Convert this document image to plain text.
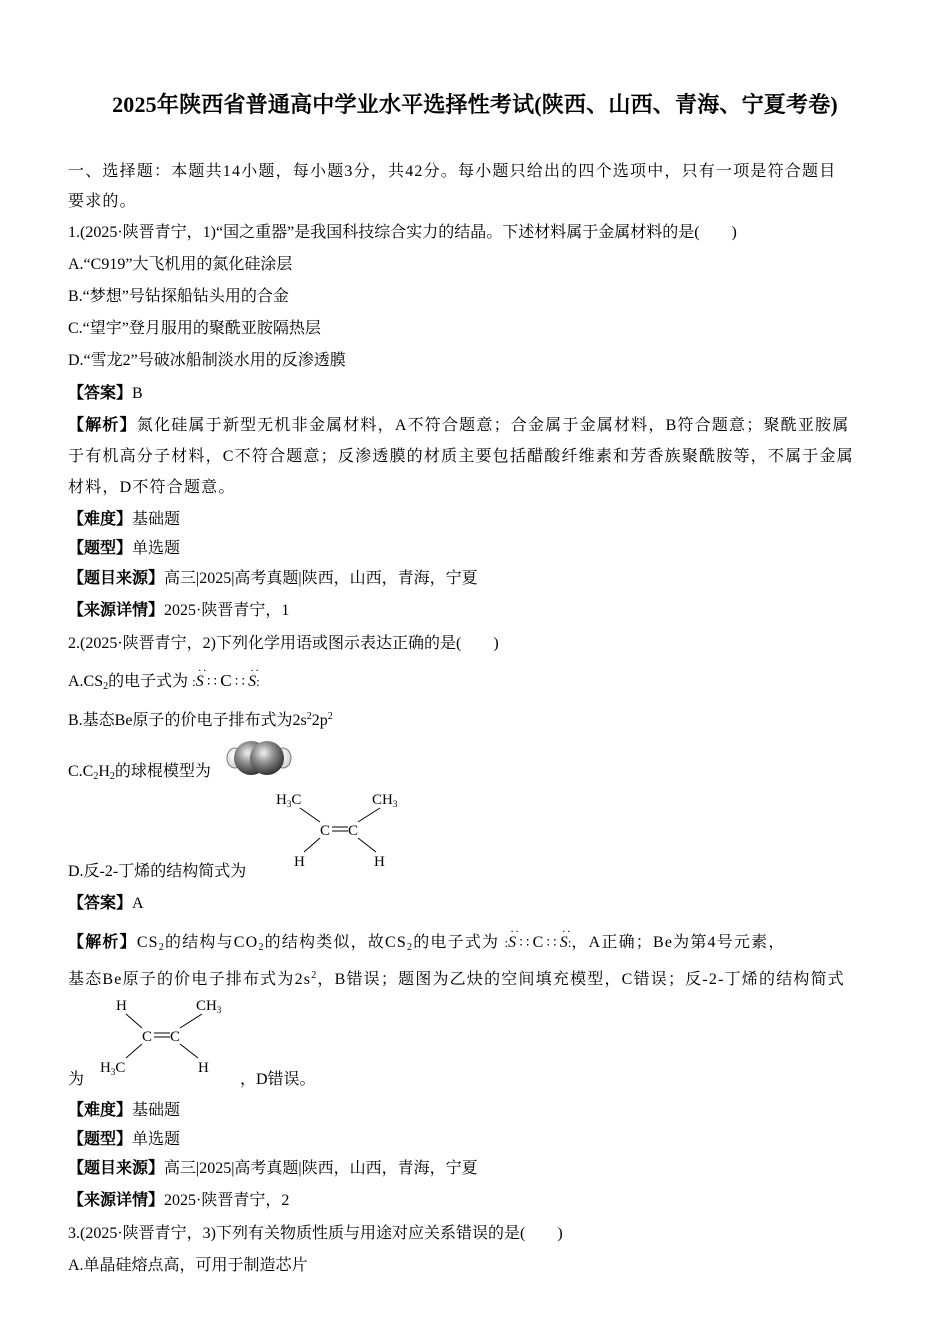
2025年陕西省普通高中学业水平选择性考试(陕西、山西、青海、宁夏考卷)
一、选择题：本题共14小题，每小题3分，共42分。每小题只给出的四个选项中，只有一项是符合题目
要求的。
1.(2025·陕晋青宁，1)“国之重器”是我国科技综合实力的结晶。下述材料属于金属材料的是(　　)
A.“C919”大飞机用的氮化硅涂层
B.“梦想”号钻探船钻头用的合金
C.“望宇”登月服用的聚酰亚胺隔热层
D.“雪龙2”号破冰船制淡水用的反渗透膜
【答案】B
【解析】氮化硅属于新型无机非金属材料，A不符合题意；合金属于金属材料，B符合题意；聚酰亚胺属
于有机高分子材料，C不符合题意；反渗透膜的材质主要包括醋酸纤维素和芳香族聚酰胺等，不属于金属
材料，D不符合题意。
【难度】基础题
【题型】单选题
【题目来源】高三|2025|高考真题|陕西，山西，青海，宁夏
【来源详情】2025·陕晋青宁，1
2.(2025·陕晋青宁，2)下列化学用语或图示表达正确的是(　　)
$A.CS_2$的电子式为 :
··
S ∶ ∶ C ∶ ∶
··
S:
B.基态Be原子的价电子排布式为$2s^22p^2$
$C.C_2H_2$的球棍模型为
$H_3C$	$CH_3$
C C
H	H
D.反-2-丁烯的结构简式为
【答案】A
【解析】$CS_2$的结构与$CO_2$的结构类似，故$CS_2$的电子式为 :
··
S ∶ ∶ C ∶ ∶
··
S:，A正确；Be为第4号元素，
基态Be原子的价电子排布式为$2s^2$，B错误；题图为乙炔的空间填充模型，C错误；反-2-丁烯的结构简式
H	$CH_3$
C C
$H_3C$	H
为	，D错误。
【难度】基础题
【题型】单选题
【题目来源】高三|2025|高考真题|陕西，山西，青海，宁夏
【来源详情】2025·陕晋青宁，2
3.(2025·陕晋青宁，3)下列有关物质性质与用途对应关系错误的是(　　)
A.单晶硅熔点高，可用于制造芯片
